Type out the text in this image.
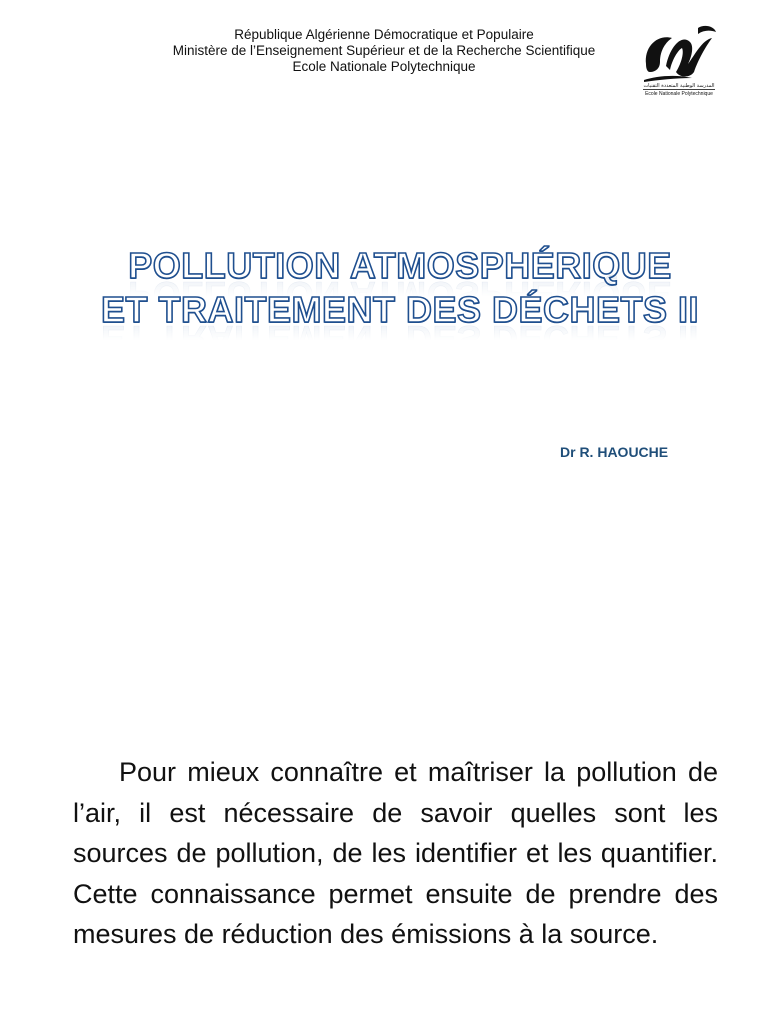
République Algérienne Démocratique et Populaire
Ministère de l’Enseignement Supérieur et de la Recherche Scientifique
Ecole Nationale Polytechnique
المدرسة الوطنية المتعددة التقنيات
Ecole Nationale Polytechnique
POLLUTION ATMOSPHÉRIQUE POLLUTION ATMOSPHÉRIQUE
ET TRAITEMENT DES DÉCHETS II ET TRAITEMENT DES DÉCHETS II
Dr R. HAOUCHE

Pour mieux connaître et maîtriser la pollution de l’air, il est nécessaire de savoir quelles sont les sources de pollution, de les identifier et les quantifier. Cette connaissance permet ensuite de prendre des mesures de réduction des émissions à la source.
